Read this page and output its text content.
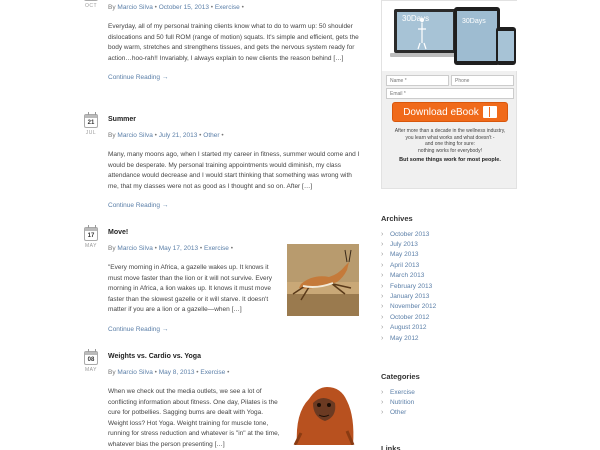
OCT	By Marcio Silva • October 15, 2013 • Exercise •

Everyday, all of my personal training clients know what to do to warm up: 50 shoulder dislocations and 50 full ROM (range of motion) squats. It's simple and efficient, gets the body warm, stretches and strengthens tissues, and gets the nervous system ready for action…hoo-rah!! Invariably, I always explain to new clients the reason behind […]

Continue Reading →
21
JUL
Summer
By Marcio Silva • July 21, 2013 • Other •

Many, many moons ago, when I started my career in fitness, summer would come and I would be desperate. My personal training appointments would diminish, my class attendance would decrease and I would start thinking that something was wrong with me, that my classes were not as good as I thought and so on. After […]

Continue Reading →
17
MAY
Move!
By Marcio Silva • May 17, 2013 • Exercise •

"Every morning in Africa, a gazelle wakes up. It knows it must move faster than the lion or it will not survive. Every morning in Africa, a lion wakes up. It knows it must move faster than the slowest gazelle or it will starve. It doesn't matter if you are a lion or a gazelle—when […]

Continue Reading →
08
MAY
Weights vs. Cardio vs. Yoga
By Marcio Silva • May 8, 2013 • Exercise •

When we check out the media outlets, we see a lot of conflicting information about fitness. One day, Pilates is the cure for potbellies. Sagging bums are dealt with Yoga. Weight loss? Hot Yoga. Weight training for muscle tone, running for stress reduction and whatever is "in" at the time, whatever bias the person presenting […]

30Days	30Days
Name *	Phone
Email *
Download eBook
After more than a decade in the wellness industry,
you learn what works and what doesn't -
and one thing for sure:
nothing works for everybody!
But some things work for most people.
Archives
›	October 2013
›	July 2013
›	May 2013
›	April 2013
›	March 2013
›	February 2013
›	January 2013
›	November 2012
›	October 2012
›	August 2012
›	May 2012
Categories
›	Exercise
›	Nutrition
›	Other
Links
